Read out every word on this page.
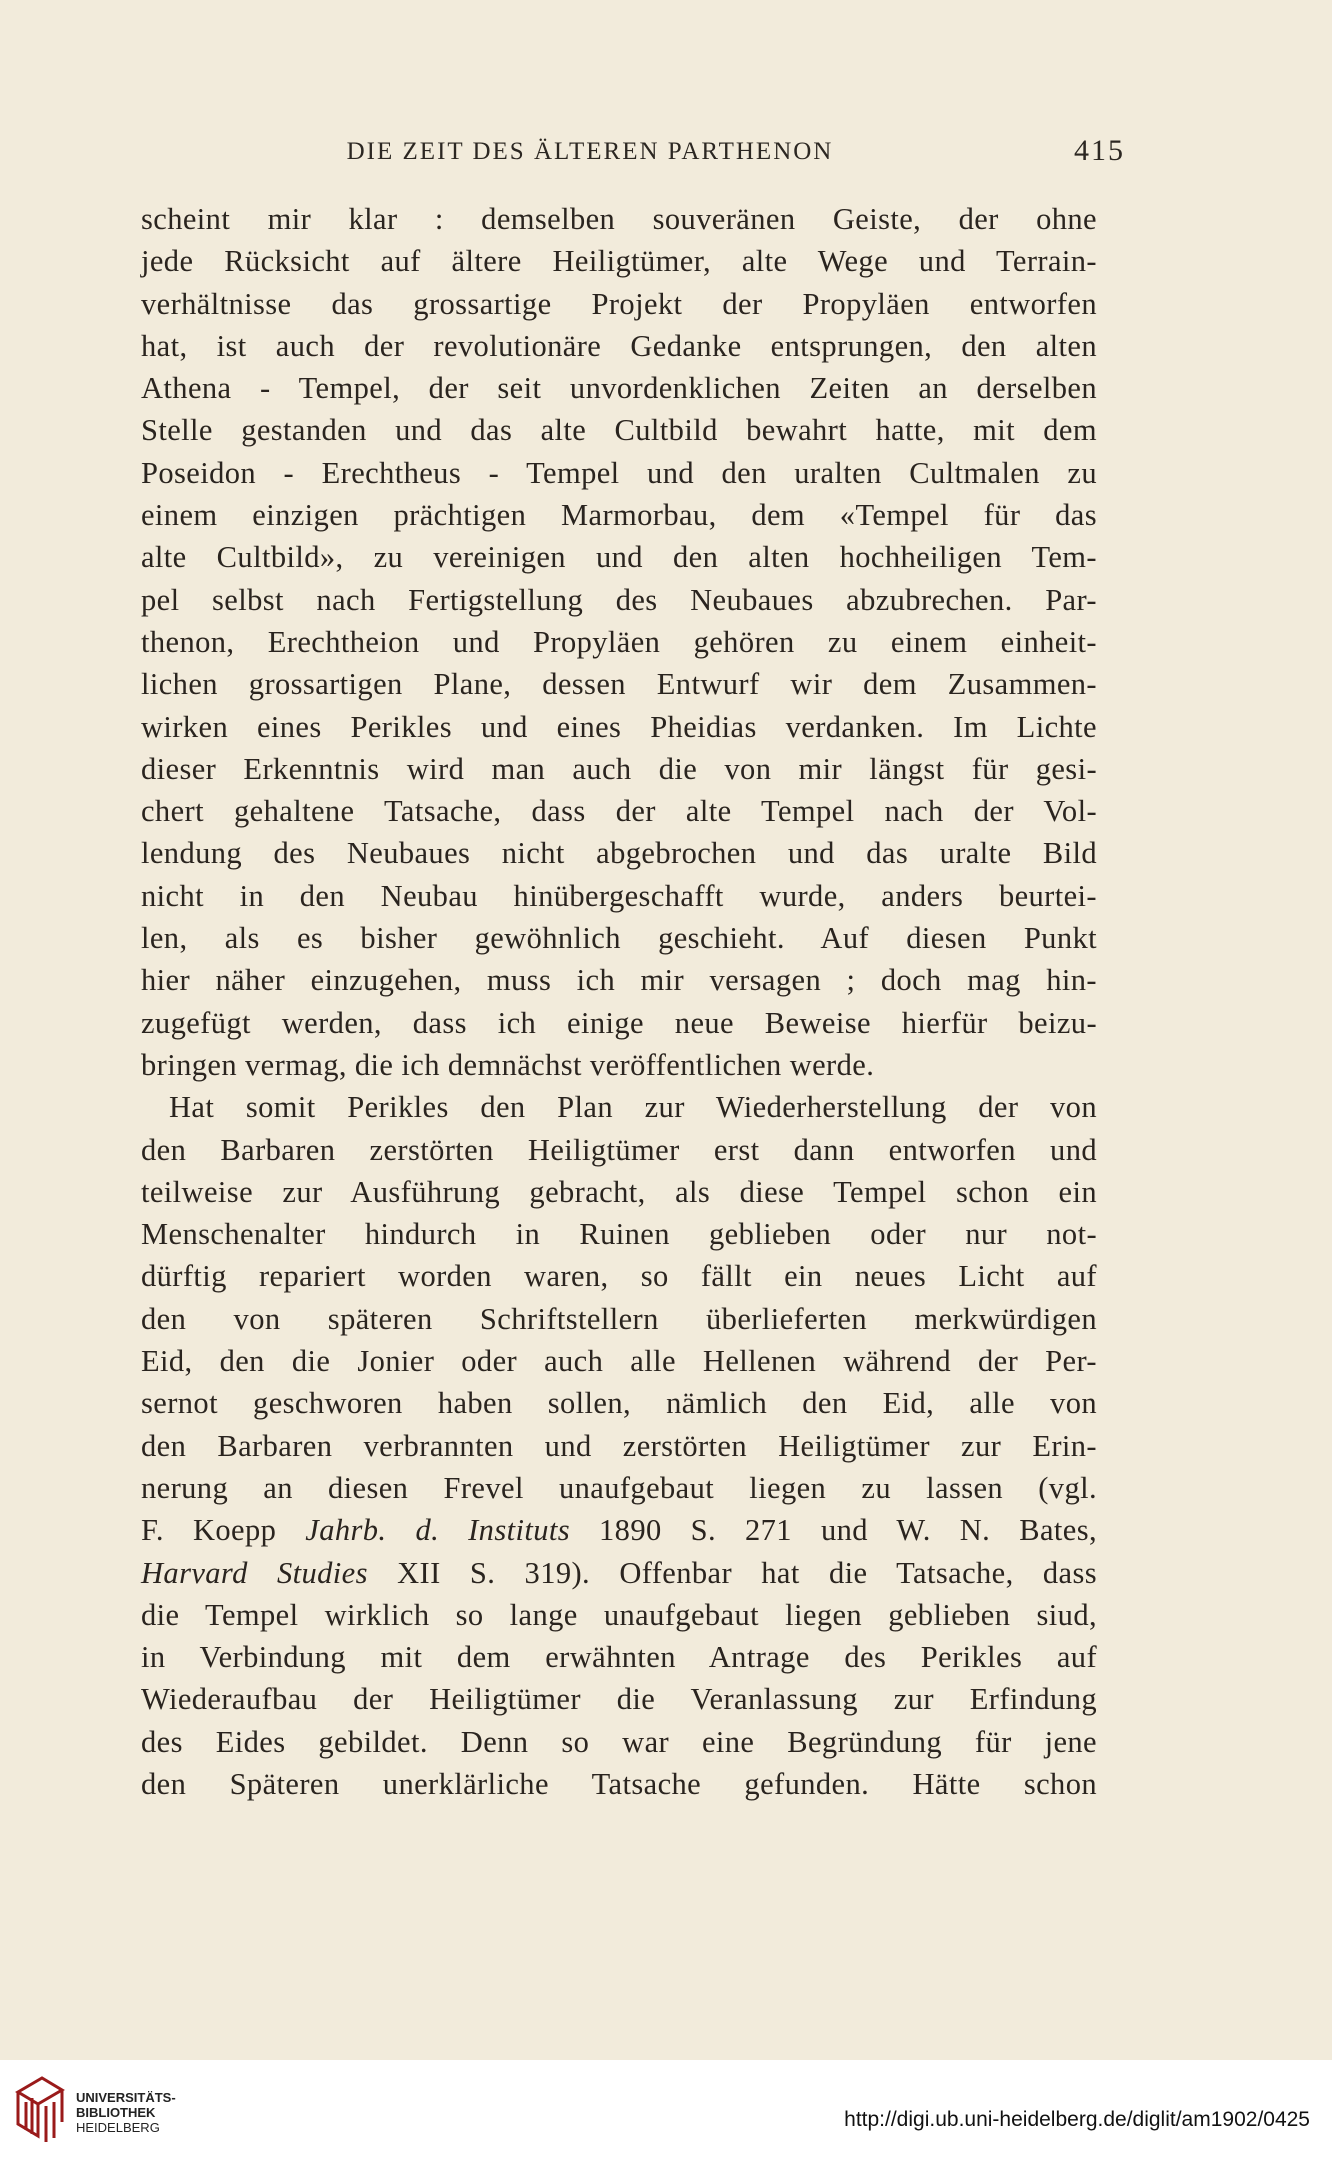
DIE ZEIT DES ÄLTEREN PARTHENON	415
scheint mir klar : demselben souveränen Geiste, der ohne
jede Rücksicht auf ältere Heiligtümer, alte Wege und Terrain-
verhältnisse das grossartige Projekt der Propyläen entworfen
hat, ist auch der revolutionäre Gedanke entsprungen, den alten
Athena - Tempel, der seit unvordenklichen Zeiten an derselben
Stelle gestanden und das alte Cultbild bewahrt hatte, mit dem
Poseidon - Erechtheus - Tempel und den uralten Cultmalen zu
einem einzigen prächtigen Marmorbau, dem «Tempel für das
alte Cultbild», zu vereinigen und den alten hochheiligen Tem-
pel selbst nach Fertigstellung des Neubaues abzubrechen. Par-
thenon, Erechtheion und Propyläen gehören zu einem einheit-
lichen grossartigen Plane, dessen Entwurf wir dem Zusammen-
wirken eines Perikles und eines Pheidias verdanken. Im Lichte
dieser Erkenntnis wird man auch die von mir längst für gesi-
chert gehaltene Tatsache, dass der alte Tempel nach der Vol-
lendung des Neubaues nicht abgebrochen und das uralte Bild
nicht in den Neubau hinübergeschafft wurde, anders beurtei-
len, als es bisher gewöhnlich geschieht. Auf diesen Punkt
hier näher einzugehen, muss ich mir versagen ; doch mag hin-
zugefügt werden, dass ich einige neue Beweise hierfür beizu-
bringen vermag, die ich demnächst veröffentlichen werde.
Hat somit Perikles den Plan zur Wiederherstellung der von
den Barbaren zerstörten Heiligtümer erst dann entworfen und
teilweise zur Ausführung gebracht, als diese Tempel schon ein
Menschenalter hindurch in Ruinen geblieben oder nur not-
dürftig repariert worden waren, so fällt ein neues Licht auf
den von späteren Schriftstellern überlieferten merkwürdigen
Eid, den die Jonier oder auch alle Hellenen während der Per-
sernot geschworen haben sollen, nämlich den Eid, alle von
den Barbaren verbrannten und zerstörten Heiligtümer zur Erin-
nerung an diesen Frevel unaufgebaut liegen zu lassen (vgl.
F. Koepp Jahrb. d. Instituts 1890 S. 271 und W. N. Bates,
Harvard Studies XII S. 319). Offenbar hat die Tatsache, dass
die Tempel wirklich so lange unaufgebaut liegen geblieben siud,
in Verbindung mit dem erwähnten Antrage des Perikles auf
Wiederaufbau der Heiligtümer die Veranlassung zur Erfindung
des Eides gebildet. Denn so war eine Begründung für jene
den Späteren unerklärliche Tatsache gefunden. Hätte schon
UNIVERSITÄTS-
BIBLIOTHEK
HEIDELBERG	http://digi.ub.uni-heidelberg.de/diglit/am1902/0425
